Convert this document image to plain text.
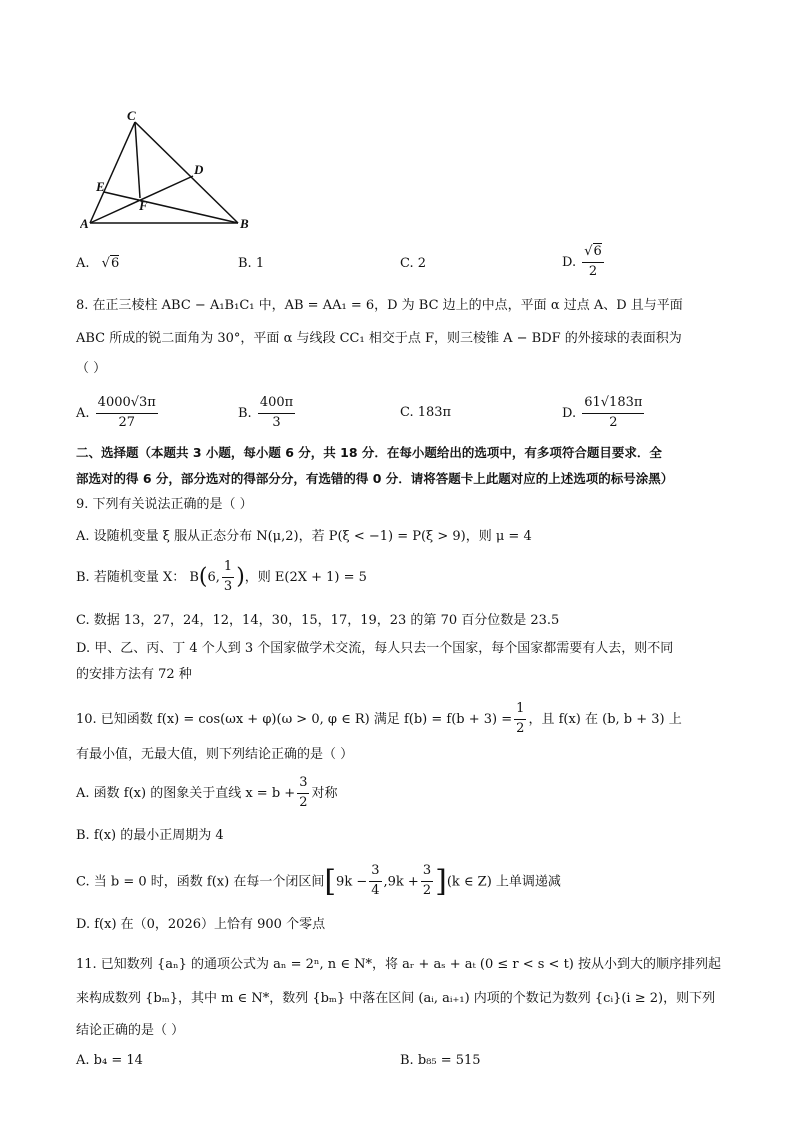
C
D
E
F
A	B
A. √6	B. 1	C. 2	D. $\frac{√6}{2}$
8. 在正三棱柱 ABC − A₁B₁C₁ 中，AB = AA₁ = 6，D 为 BC 边上的中点，平面 α 过点 A、D 且与平面
ABC 所成的锐二面角为 30°，平面 α 与线段 CC₁ 相交于点 F，则三棱锥 A − BDF 的外接球的表面积为
（ ）
A. $\frac{4000√3\pi}{27}$	B. $\frac{400\pi}{3}$	C. 183π	D. $\frac{61√183\pi}{2}$
二、选择题（本题共 3 小题，每小题 6 分，共 18 分．在每小题给出的选项中，有多项符合题目要求．全
部选对的得 6 分，部分选对的得部分分，有选错的得 0 分．请将答题卡上此题对应的上述选项的标号涂黑）
9. 下列有关说法正确的是（ ）
A. 设随机变量 ξ 服从正态分布 N(μ,2)，若 P(ξ < −1) = P(ξ > 9)，则 μ = 4
B. 若随机变量 X： B(6, $\frac{1}{3}$ )，则 E(2X + 1) = 5
C. 数据 13，27，24，12，14，30，15，17，19，23 的第 70 百分位数是 23.5
D. 甲、乙、丙、丁 4 个人到 3 个国家做学术交流，每人只去一个国家，每个国家都需要有人去，则不同
的安排方法有 72 种
10. 已知函数 f(x) = cos(ωx + φ)(ω > 0, φ ∈ R) 满足 $f(b) = f(b + 3) = \frac{1}{2}$ ，且 f(x) 在 (b, b + 3) 上
有最小值，无最大值，则下列结论正确的是（ ）
A. 函数 f(x) 的图象关于直线 $x = b + \frac{3}{2}$ 对称
B. f(x) 的最小正周期为 4
C. 当 b = 0 时，函数 f(x) 在每一个闭区间$[9k - \frac{3}{4} ,9k + \frac{3}{2} ](k$ ∈ Z) 上单调递减
D. f(x) 在（0，2026）上恰有 900 个零点
11. 已知数列 {aₙ} 的通项公式为 aₙ = 2ⁿ, n ∈ N*，将 aᵣ + aₛ + aₜ (0 ≤ r < s < t) 按从小到大的顺序排列起
来构成数列 {bₘ}，其中 m ∈ N*，数列 {bₘ} 中落在区间 (aᵢ, aᵢ₊₁) 内项的个数记为数列 {cᵢ}(i ≥ 2)，则下列
结论正确的是（ ）
A. b₄ = 14	B. b₈₅ = 515
